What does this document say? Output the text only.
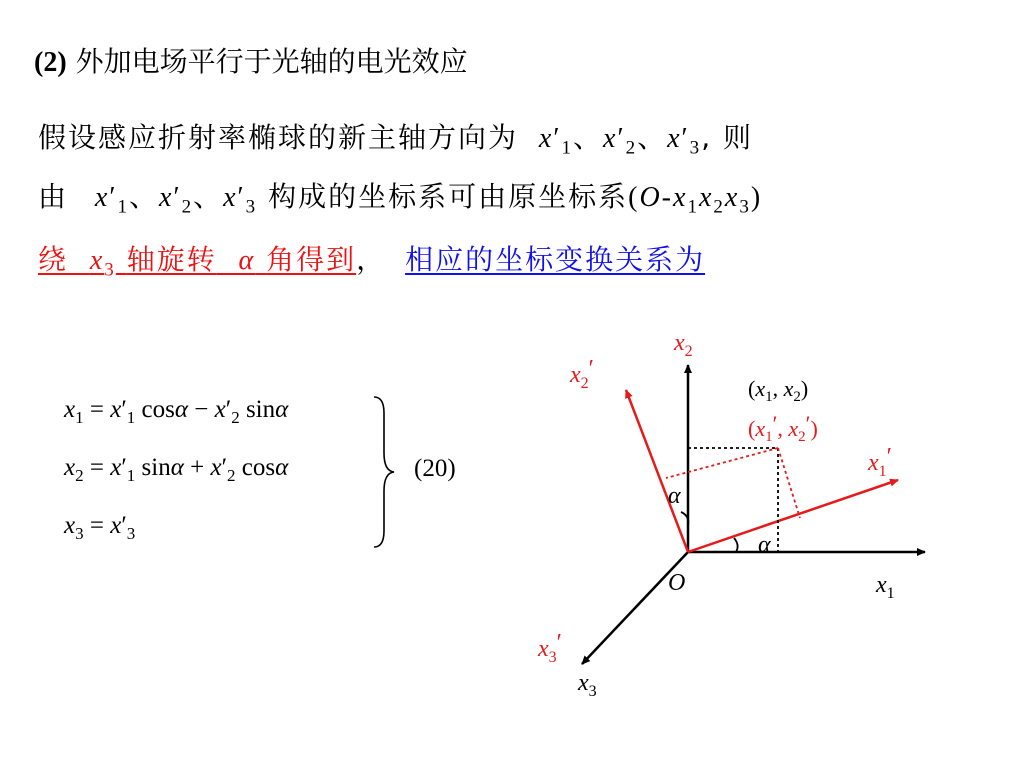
(2) 外加电场平行于光轴的电光效应
假设感应折射率椭球的新主轴方向为 $x'_1$、$x'_2$、$x'_3$, 则
由 $x'_1$、$x'_2$、$x'_3$ 构成的坐标系可由原坐标系$(O-x_1x_2x_3)$
绕 $x_3$ 轴旋转 α 角得到， 相应的坐标变换关系为
$x_1 = x'_1$ $\cos\alpha - x'_2$ sinα
$x_2 = x'_1$ $\sin\alpha + x'_2$ cosα
$x_3 = x'_3$
(20)
$x_2$
$x_2'$
$x_1'$
$x_1$
$x_3'$
$x_3$
O
α
α
($x_1$, $x_2$)
($x_1'$, $x_2'$)
